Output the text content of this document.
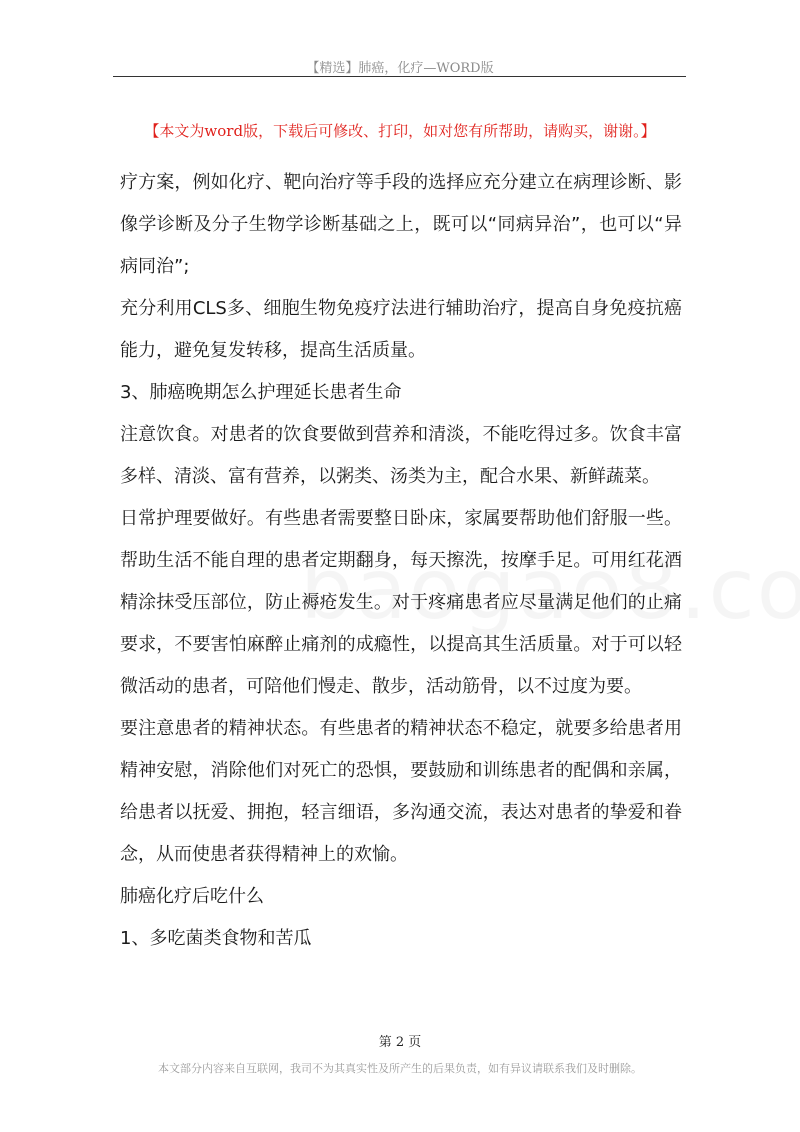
【精选】肺癌，化疗—WORD版
【本文为word版，下载后可修改、打印，如对您有所帮助，请购买，谢谢。】

疗方案，例如化疗、靶向治疗等手段的选择应充分建立在病理诊断、影像学诊断及分子生物学诊断基础之上，既可以“同病异治”，也可以“异病同治”;

充分利用CLS多、细胞生物免疫疗法进行辅助治疗，提高自身免疫抗癌能力，避免复发转移，提高生活质量。

3、肺癌晚期怎么护理延长患者生命

注意饮食。对患者的饮食要做到营养和清淡，不能吃得过多。饮食丰富多样、清淡、富有营养，以粥类、汤类为主，配合水果、新鲜蔬菜。

日常护理要做好。有些患者需要整日卧床，家属要帮助他们舒服一些。帮助生活不能自理的患者定期翻身，每天擦洗，按摩手足。可用红花酒精涂抹受压部位，防止褥疮发生。对于疼痛患者应尽量满足他们的止痛要求，不要害怕麻醉止痛剂的成瘾性，以提高其生活质量。对于可以轻微活动的患者，可陪他们慢走、散步，活动筋骨，以不过度为要。

要注意患者的精神状态。有些患者的精神状态不稳定，就要多给患者用精神安慰，消除他们对死亡的恐惧，要鼓励和训练患者的配偶和亲属，给患者以抚爱、拥抱，轻言细语，多沟通交流，表达对患者的挚爱和眷念，从而使患者获得精神上的欢愉。

肺癌化疗后吃什么

1、多吃菌类食物和苦瓜

第 2 页
本文部分内容来自互联网，我司不为其真实性及所产生的后果负责，如有异议请联系我们及时删除。
